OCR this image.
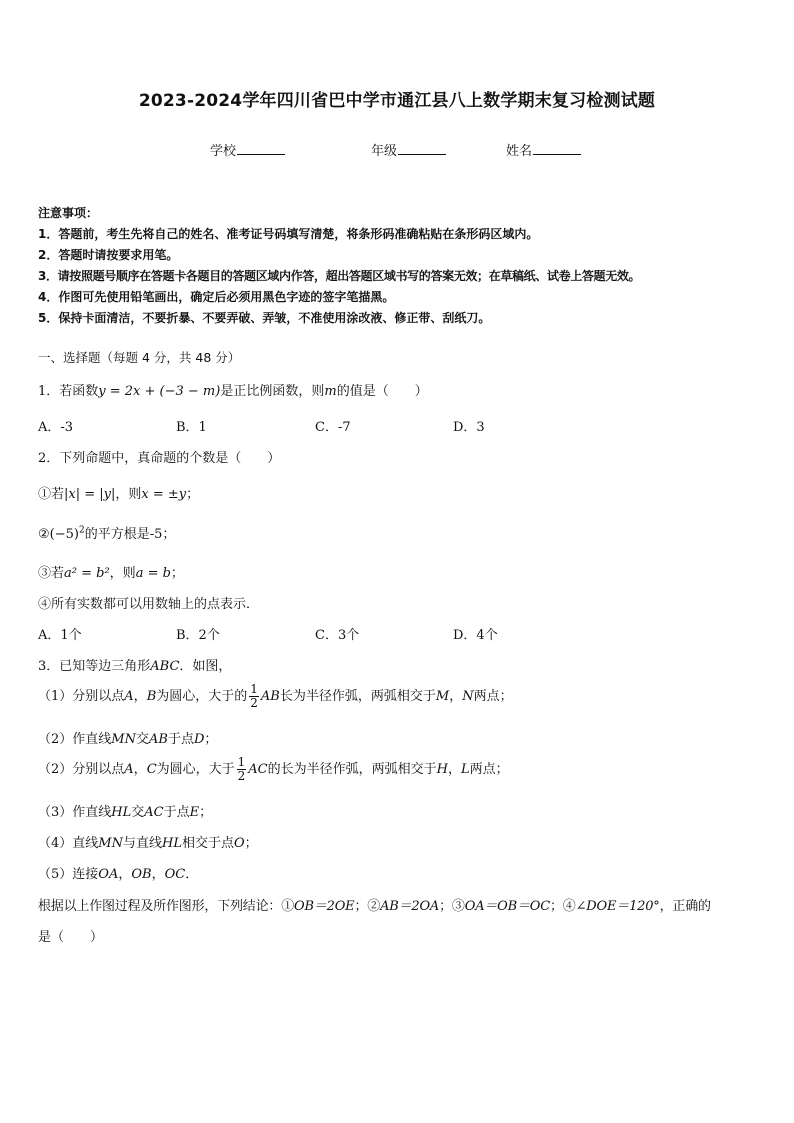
2023-2024学年四川省巴中学市通江县八上数学期末复习检测试题
学校	年级	姓名
注意事项：
1．答题前，考生先将自己的姓名、准考证号码填写清楚，将条形码准确粘贴在条形码区域内。
2．答题时请按要求用笔。
3．请按照题号顺序在答题卡各题目的答题区域内作答，超出答题区域书写的答案无效；在草稿纸、试卷上答题无效。
4．作图可先使用铅笔画出，确定后必须用黑色字迹的签字笔描黑。
5．保持卡面清洁，不要折暴、不要弄破、弄皱，不准使用涂改液、修正带、刮纸刀。
一、选择题（每题 4 分，共 48 分）
1．若函数y = 2x + (−3 − m)是正比例函数，则m的值是（　　）
A．-3	B．1	C．-7	D．3
2．下列命题中，真命题的个数是（　　）
①若|x| = |y|，则x = ±y；
$②(-5)^2$的平方根是-5；
③若a² = b²，则a = b；
④所有实数都可以用数轴上的点表示．
A．1个	B．2个	C．3个	D．4个
3．已知等边三角形ABC．如图，
（1）分别以点A，B为圆心，大于的 $\frac{1}{2}$ AB长为半径作弧，两弧相交于M，N两点；
（2）作直线MN交AB于点D；
（2）分别以点A，C为圆心，大于 $\frac{1}{2}$ AC的长为半径作弧，两弧相交于H，L两点；
（3）作直线HL交AC于点E；
（4）直线MN与直线HL相交于点O；
（5）连接OA，OB，OC．
根据以上作图过程及所作图形，下列结论：①OB＝2OE；②AB＝2OA；③OA＝OB＝OC；④∠DOE＝120°，正确的
是（　　）
